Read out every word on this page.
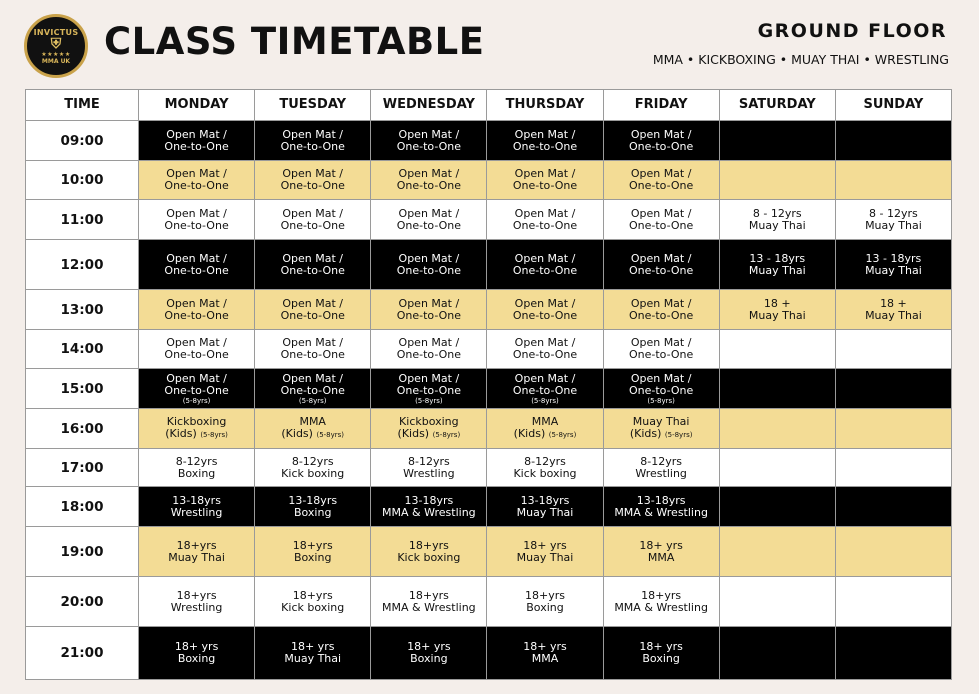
INVICTUS
⛨
★★★★★
MMA UK CLASS TIMETABLE	GROUND FLOOR
MMA • KICKBOXING • MUAY THAI • WRESTLING
TIME	MONDAY	TUESDAY	WEDNESDAY	THURSDAY	FRIDAY	SATURDAY	SUNDAY
09:00	Open Mat /
One-to-One	Open Mat /
One-to-One	Open Mat /
One-to-One	Open Mat /
One-to-One	Open Mat /
One-to-One		

10:00	Open Mat /
One-to-One	Open Mat /
One-to-One	Open Mat /
One-to-One	Open Mat /
One-to-One	Open Mat /
One-to-One		

11:00	Open Mat /
One-to-One	Open Mat /
One-to-One	Open Mat /
One-to-One	Open Mat /
One-to-One	Open Mat /
One-to-One	8 - 12yrs
Muay Thai	8 - 12yrs
Muay Thai

12:00	Open Mat /
One-to-One	Open Mat /
One-to-One	Open Mat /
One-to-One	Open Mat /
One-to-One	Open Mat /
One-to-One	13 - 18yrs
Muay Thai	13 - 18yrs
Muay Thai

13:00	Open Mat /
One-to-One	Open Mat /
One-to-One	Open Mat /
One-to-One	Open Mat /
One-to-One	Open Mat /
One-to-One	18 +
Muay Thai	18 +
Muay Thai

14:00	Open Mat /
One-to-One	Open Mat /
One-to-One	Open Mat /
One-to-One	Open Mat /
One-to-One	Open Mat /
One-to-One		

15:00	Open Mat /
One-to-One
(5-8yrs)	Open Mat /
One-to-One
(5-8yrs)	Open Mat /
One-to-One
(5-8yrs)	Open Mat /
One-to-One
(5-8yrs)	Open Mat /
One-to-One
(5-8yrs)		

16:00	Kickboxing
(Kids) (5-8yrs)	MMA
(Kids) (5-8yrs)	Kickboxing
(Kids) (5-8yrs)	MMA
(Kids) (5-8yrs)	Muay Thai
(Kids) (5-8yrs)		

17:00	8-12yrs
Boxing	8-12yrs
Kick boxing	8-12yrs
Wrestling	8-12yrs
Kick boxing	8-12yrs
Wrestling		

18:00	13-18yrs
Wrestling	13-18yrs
Boxing	13-18yrs
MMA & Wrestling	13-18yrs
Muay Thai	13-18yrs
MMA & Wrestling		

19:00	18+yrs
Muay Thai	18+yrs
Boxing	18+yrs
Kick boxing	18+ yrs
Muay Thai	18+ yrs
MMA		

20:00	18+yrs
Wrestling	18+yrs
Kick boxing	18+yrs
MMA & Wrestling	18+yrs
Boxing	18+yrs
MMA & Wrestling		

21:00	18+ yrs
Boxing	18+ yrs
Muay Thai	18+ yrs
Boxing	18+ yrs
MMA	18+ yrs
Boxing		
